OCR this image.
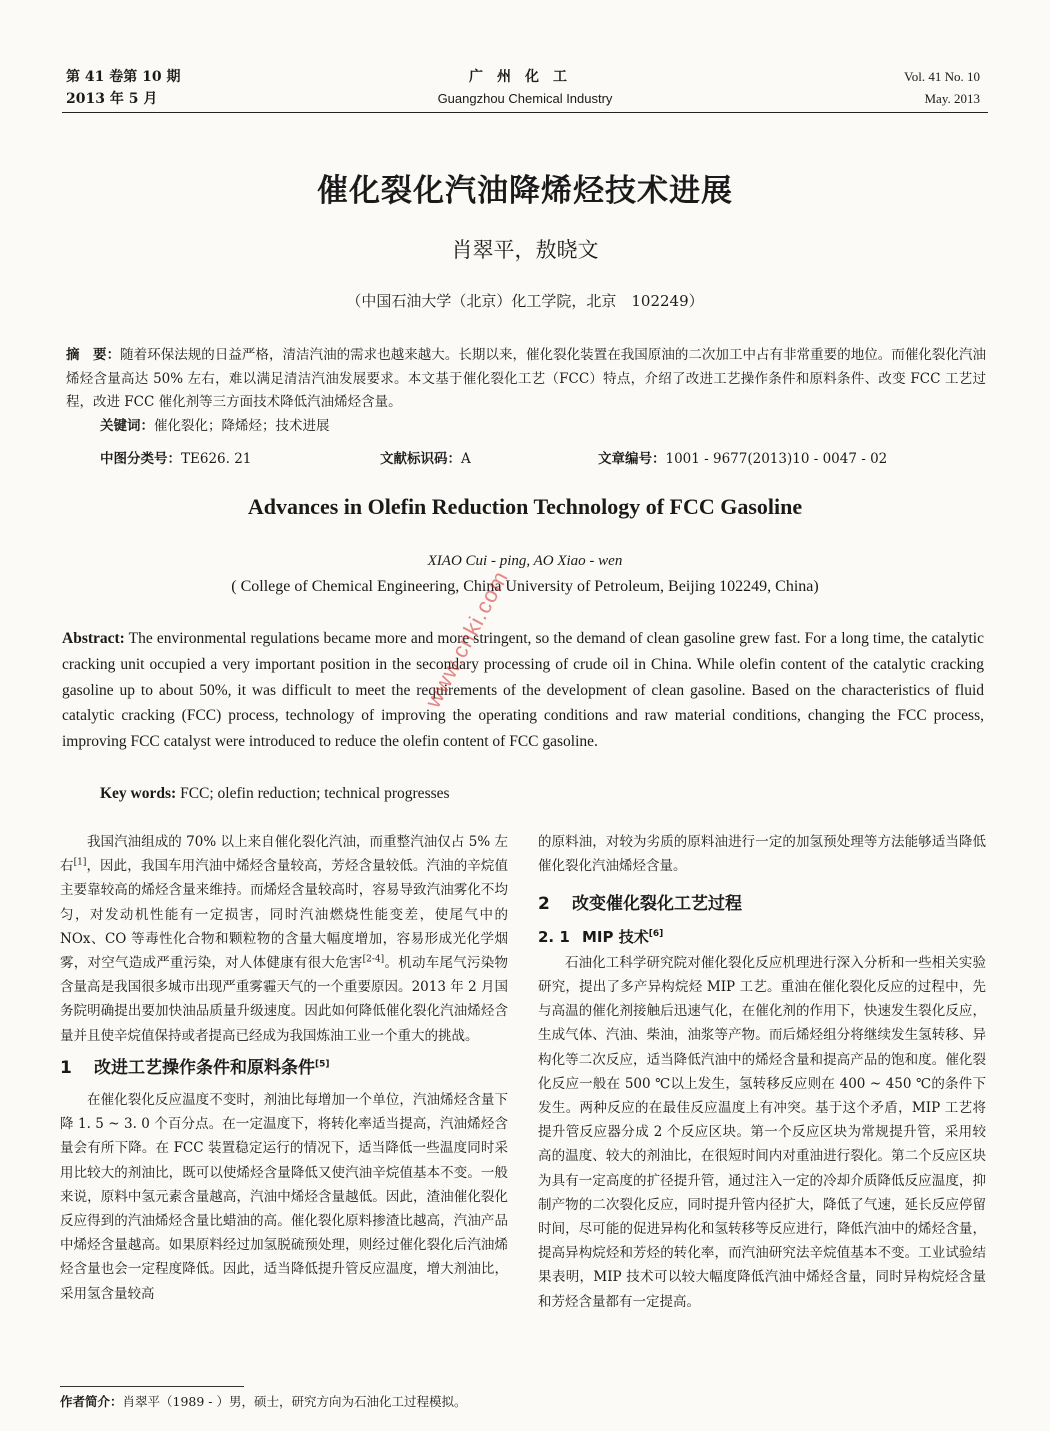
第 41 卷第 10 期
2013 年 5 月
广州化工
Guangzhou Chemical Industry
Vol. 41 No. 10
May. 2013
催化裂化汽油降烯烃技术进展
肖翠平，敖晓文
（中国石油大学（北京）化工学院，北京　102249）
摘　要：随着环保法规的日益严格，清洁汽油的需求也越来越大。长期以来，催化裂化装置在我国原油的二次加工中占有非常重要的地位。而催化裂化汽油烯烃含量高达 50% 左右，难以满足清洁汽油发展要求。本文基于催化裂化工艺（FCC）特点，介绍了改进工艺操作条件和原料条件、改变 FCC 工艺过程，改进 FCC 催化剂等三方面技术降低汽油烯烃含量。
关键词：催化裂化；降烯烃；技术进展
中图分类号：TE626. 21	文献标识码：A	文章编号：1001 - 9677(2013)10 - 0047 - 02
Advances in Olefin Reduction Technology of FCC Gasoline
XIAO Cui - ping, AO Xiao - wen
( College of Chemical Engineering, China University of Petroleum, Beijing 102249, China)
Abstract: The environmental regulations became more and more stringent, so the demand of clean gasoline grew fast. For a long time, the catalytic cracking unit occupied a very important position in the secondary processing of crude oil in China. While olefin content of the catalytic cracking gasoline up to about 50%, it was difficult to meet the requirements of the development of clean gasoline. Based on the characteristics of fluid catalytic cracking (FCC) process, technology of improving the operating conditions and raw material conditions, changing the FCC process, improving FCC catalyst were introduced to reduce the olefin content of FCC gasoline.
Key words: FCC; olefin reduction; technical progresses

我国汽油组成的 70% 以上来自催化裂化汽油，而重整汽油仅占 5% 左右[1]，因此，我国车用汽油中烯烃含量较高，芳烃含量较低。汽油的辛烷值主要靠较高的烯烃含量来维持。而烯烃含量较高时，容易导致汽油雾化不均匀，对发动机性能有一定损害，同时汽油燃烧性能变差，使尾气中的 NOx、CO 等毒性化合物和颗粒物的含量大幅度增加，容易形成光化学烟雾，对空气造成严重污染，对人体健康有很大危害[2-4]。机动车尾气污染物含量高是我国很多城市出现严重雾霾天气的一个重要原因。2013 年 2 月国务院明确提出要加快油品质量升级速度。因此如何降低催化裂化汽油烯烃含量并且使辛烷值保持或者提高已经成为我国炼油工业一个重大的挑战。

1 改进工艺操作条件和原料条件[5]

在催化裂化反应温度不变时，剂油比每增加一个单位，汽油烯烃含量下降 1. 5 ~ 3. 0 个百分点。在一定温度下，将转化率适当提高，汽油烯烃含量会有所下降。在 FCC 装置稳定运行的情况下，适当降低一些温度同时采用比较大的剂油比，既可以使烯烃含量降低又使汽油辛烷值基本不变。一般来说，原料中氢元素含量越高，汽油中烯烃含量越低。因此，渣油催化裂化反应得到的汽油烯烃含量比蜡油的高。催化裂化原料掺渣比越高，汽油产品中烯烃含量越高。如果原料经过加氢脱硫预处理，则经过催化裂化后汽油烯烃含量也会一定程度降低。因此，适当降低提升管反应温度，增大剂油比，采用氢含量较高

的原料油，对较为劣质的原料油进行一定的加氢预处理等方法能够适当降低催化裂化汽油烯烃含量。

2 改变催化裂化工艺过程
2. 1 MIP 技术[6]

石油化工科学研究院对催化裂化反应机理进行深入分析和一些相关实验研究，提出了多产异构烷烃 MIP 工艺。重油在催化裂化反应的过程中，先与高温的催化剂接触后迅速气化，在催化剂的作用下，快速发生裂化反应，生成气体、汽油、柴油，油浆等产物。而后烯烃组分将继续发生氢转移、异构化等二次反应，适当降低汽油中的烯烃含量和提高产品的饱和度。催化裂化反应一般在 500 ℃以上发生，氢转移反应则在 400 ~ 450 ℃的条件下发生。两种反应的在最佳反应温度上有冲突。基于这个矛盾，MIP 工艺将提升管反应器分成 2 个反应区块。第一个反应区块为常规提升管，采用较高的温度、较大的剂油比，在很短时间内对重油进行裂化。第二个反应区块为具有一定高度的扩径提升管，通过注入一定的冷却介质降低反应温度，抑制产物的二次裂化反应，同时提升管内径扩大，降低了气速，延长反应停留时间，尽可能的促进异构化和氢转移等反应进行，降低汽油中的烯烃含量，提高异构烷烃和芳烃的转化率，而汽油研究法辛烷值基本不变。工业试验结果表明，MIP 技术可以较大幅度降低汽油中烯烃含量，同时异构烷烃含量和芳烃含量都有一定提高。

作者简介：肖翠平（1989 - ）男，硕士，研究方向为石油化工过程模拟。
www.cnki.com
